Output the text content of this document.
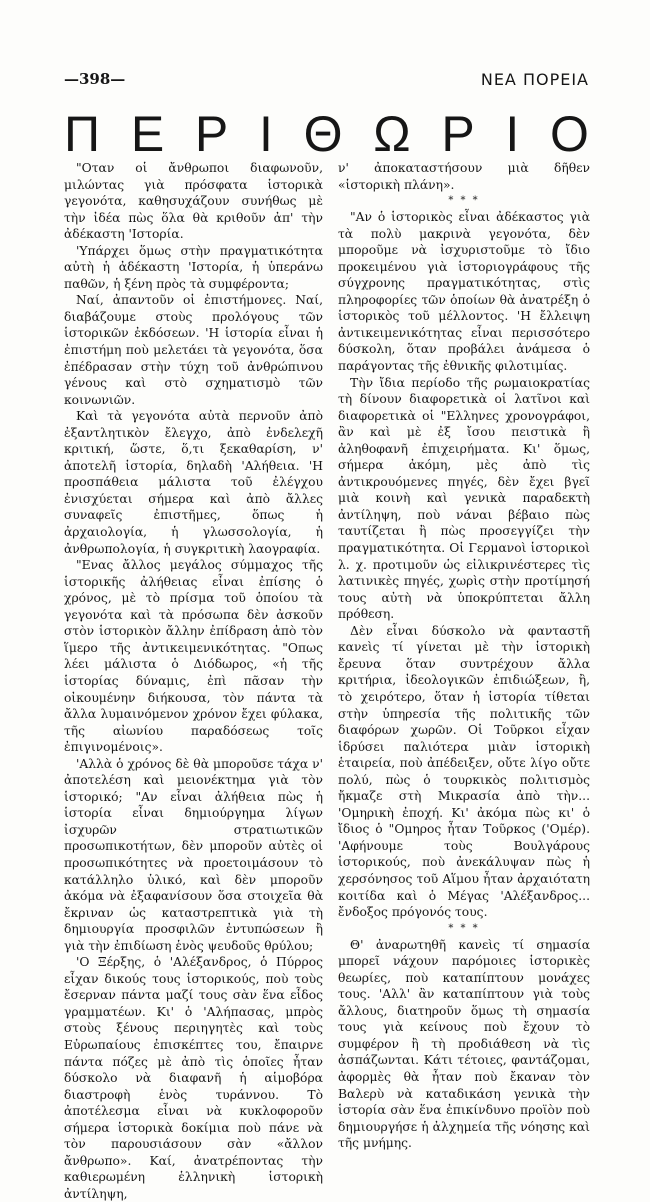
—398—	ΝΕΑ ΠΟΡΕΙΑ
Π Ε Ρ Ι Θ Ω Ρ Ι Ο

"Οταν οἱ ἄνθρωποι διαφωνοῦν, μιλώντας γιὰ πρόσφατα ἱστορικὰ γεγονότα, καθησυχάζουν συνήθως μὲ τὴν ἰδέα πὼς ὅλα θὰ κριθοῦν ἀπ' τὴν ἀδέκαστη 'Ιστορία.

'Υπάρχει ὅμως στὴν πραγματικότητα αὐτὴ ἡ ἀδέκαστη 'Ιστορία, ἡ ὑπεράνω παθῶν, ἡ ξένη πρὸς τὰ συμφέροντα;

Ναί, ἀπαντοῦν οἱ ἐπιστήμονες. Ναί, διαβάζουμε στοὺς προλόγους τῶν ἱστορικῶν ἐκδόσεων. 'Η ἱστορία εἶναι ἡ ἐπιστήμη ποὺ μελετάει τὰ γεγονότα, ὅσα ἐπέδρασαν στὴν τύχη τοῦ ἀνθρώπινου γένους καὶ στὸ σχηματισμὸ τῶν κοινωνιῶν.

Καὶ τὰ γεγονότα αὐτὰ περνοῦν ἀπὸ ἐξαντλητικὸν ἔλεγχο, ἀπὸ ἐνδελεχῆ κριτική, ὥστε, ὅ,τι ξεκαθαρίση, ν' ἀποτελῆ ἱστορία, δηλαδὴ 'Αλήθεια. 'Η προσπάθεια μάλιστα τοῦ ἐλέγχου ἐνισχύεται σήμερα καὶ ἀπὸ ἄλλες συναφεῖς ἐπιστῆμες, ὅπως ἡ ἀρχαιολογία, ἡ γλωσσολογία, ἡ ἀνθρωπολογία, ἡ συγκριτικὴ λαογραφία.

"Ενας ἄλλος μεγάλος σύμμαχος τῆς ἱστορικῆς ἀλήθειας εἶναι ἐπίσης ὁ χρόνος, μὲ τὸ πρίσμα τοῦ ὁποίου τὰ γεγονότα καὶ τὰ πρόσωπα δὲν ἀσκοῦν στὸν ἱστορικὸν ἄλλην ἐπίδραση ἀπὸ τὸν ἵμερο τῆς ἀντικειμενικότητας. "Οπως λέει μάλιστα ὁ Διόδωρος, «ἡ τῆς ἱστορίας δύναμις, ἐπὶ πᾶσαν τὴν οἰκουμένην διήκουσα, τὸν πάντα τὰ ἄλλα λυμαινόμενον χρόνον ἔχει φύλακα, τῆς αἰωνίου παραδόσεως τοῖς ἐπιγινομένοις».

'Αλλὰ ὁ χρόνος δὲ θὰ μποροῦσε τάχα ν' ἀποτελέση καὶ μειονέκτημα γιὰ τὸν ἱστορικό; "Αν εἶναι ἀλήθεια πὼς ἡ ἱστορία εἶναι δημιούργημα λίγων ἰσχυρῶν στρατιωτικῶν προσωπικοτήτων, δὲν μποροῦν αὐτὲς οἱ προσωπικότητες νὰ προετοιμάσουν τὸ κατάλληλο ὑλικό, καὶ δὲν μποροῦν ἀκόμα νὰ ἐξαφανίσουν ὅσα στοιχεῖα θὰ ἔκριναν ὡς καταστρεπτικὰ γιὰ τὴ δημιουργία προσφιλῶν ἐντυπώσεων ἢ γιὰ τὴν ἐπιδίωση ἑνὸς ψευδοῦς θρύλου;

'Ο Ξέρξης, ὁ 'Αλέξανδρος, ὁ Πύρρος εἶχαν δικούς τους ἱστορικούς, ποὺ τοὺς ἔσερναν πάντα μαζί τους σὰν ἕνα εἶδος γραμματέων. Κι' ὁ 'Αλήπασας, μπρὸς στοὺς ξένους περιηγητὲς καὶ τοὺς Εὐρωπαίους ἐπισκέπτες του, ἔπαιρνε πάντα πόζες μὲ ἀπὸ τὶς ὁποῖες ἦταν δύσκολο νὰ διαφανῆ ἡ αἱμοβόρα διαστροφὴ ἑνὸς τυράννου. Τὸ ἀποτέλεσμα εἶναι νὰ κυκλοφοροῦν σήμερα ἱστορικὰ δοκίμια ποὺ πάνε νὰ τὸν παρουσιάσουν σὰν «ἄλλον ἄνθρωπο». Καί, ἀνατρέποντας τὴν καθιερωμένη ἑλληνικὴ ἱστορικὴ ἀντίληψη,

ν' ἀποκαταστήσουν μιὰ δῆθεν «ἱστορικὴ πλάνη».

* * *

"Αν ὁ ἱστορικὸς εἶναι ἀδέκαστος γιὰ τὰ πολὺ μακρινὰ γεγονότα, δὲν μποροῦμε νὰ ἰσχυριστοῦμε τὸ ἴδιο προκειμένου γιὰ ἱστοριογράφους τῆς σύγχρονης πραγματικότητας, στὶς πληροφορίες τῶν ὁποίων θὰ ἀνατρέξη ὁ ἱστορικὸς τοῦ μέλλοντος. 'Η ἔλλειψη ἀντικειμενικότητας εἶναι περισσότερο δύσκολη, ὅταν προβάλει ἀνάμεσα ὁ παράγοντας τῆς ἐθνικῆς φιλοτιμίας.

Τὴν ἴδια περίοδο τῆς ρωμαιοκρατίας τὴ δίνουν διαφορετικὰ οἱ λατῖνοι καὶ διαφορετικὰ οἱ "Ελληνες χρονογράφοι, ἂν καὶ μὲ ἐξ ἴσου πειστικὰ ἢ ἀληθοφανῆ ἐπιχειρήματα. Κι' ὅμως, σήμερα ἀκόμη, μὲς ἀπὸ τὶς ἀντικρουόμενες πηγές, δὲν ἔχει βγεῖ μιὰ κοινὴ καὶ γενικὰ παραδεκτὴ ἀντίληψη, ποὺ νάναι βέβαιο πὼς ταυτίζεται ἢ πὼς προσεγγίζει τὴν πραγματικότητα. Οἱ Γερμανοὶ ἱστορικοὶ λ. χ. προτιμοῦν ὡς εἰλικρινέστερες τὶς λατινικὲς πηγές, χωρὶς στὴν προτίμησή τους αὐτὴ νὰ ὑποκρύπτεται ἄλλη πρόθεση.

Δὲν εἶναι δύσκολο νὰ φανταστῆ κανεὶς τί γίνεται μὲ τὴν ἱστορικὴ ἔρευνα ὅταν συντρέχουν ἄλλα κριτήρια, ἰδεολογικῶν ἐπιδιώξεων, ἢ, τὸ χειρότερο, ὅταν ἡ ἱστορία τίθεται στὴν ὑπηρεσία τῆς πολιτικῆς τῶν διαφόρων χωρῶν. Οἱ Τοῦρκοι εἶχαν ἱδρύσει παλιότερα μιὰν ἱστορικὴ ἑταιρεία, ποὺ ἀπέδειξεν, οὔτε λίγο οὔτε πολύ, πὼς ὁ τουρκικὸς πολιτισμὸς ἤκμαζε στὴ Μικρασία ἀπὸ τὴν... 'Ομηρικὴ ἐποχή. Κι' ἀκόμα πὼς κι' ὁ ἴδιος ὁ "Ομηρος ἦταν Τοῦρκος ('Ομέρ). 'Αφήνουμε τοὺς Βουλγάρους ἱστορικούς, ποὺ ἀνεκάλυψαν πὼς ἡ χερσόνησος τοῦ Αἵμου ἦταν ἀρχαιότατη κοιτίδα καὶ ὁ Μέγας 'Αλέξανδρος... ἔνδοξος πρόγονός τους.

* * *

Θ' ἀναρωτηθῆ κανεὶς τί σημασία μπορεῖ νάχουν παρόμοιες ἱστορικὲς θεωρίες, ποὺ καταπίπτουν μονάχες τους. 'Αλλ' ἂν καταπίπτουν γιὰ τοὺς ἄλλους, διατηροῦν ὅμως τὴ σημασία τους γιὰ κείνους ποὺ ἔχουν τὸ συμφέρον ἢ τὴ προδιάθεση νὰ τὶς ἀσπάζωνται. Κάτι τέτοιες, φαντάζομαι, ἀφορμὲς θὰ ἦταν ποὺ ἔκαναν τὸν Βαλερὺ νὰ καταδικάση γενικὰ τὴν ἱστορία σὰν ἕνα ἐπικίνδυνο προϊὸν ποὺ δημιουργήσε ἡ ἀλχημεία τῆς νόησης καὶ τῆς μνήμης.
